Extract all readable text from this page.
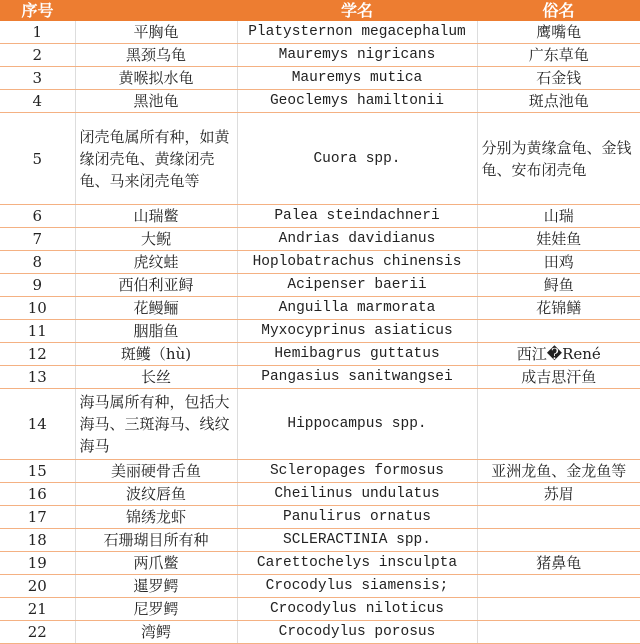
序号		学名	俗名
1	平胸龟	Platysternon megacephalum	鹰嘴龟
2	黑颈乌龟	Mauremys nigricans	广东草龟
3	黄喉拟水龟	Mauremys mutica	石金钱
4	黑池龟	Geoclemys hamiltonii	斑点池龟
5	闭壳龟属所有种，如黄缘闭壳龟、黄缘闭壳龟、马来闭壳龟等	Cuora spp.	分别为黄缘盒龟、金钱龟、安布闭壳龟
6	山瑞鳖	Palea steindachneri	山瑞
7	大鲵	Andrias davidianus	娃娃鱼
8	虎纹蛙	Hoplobatrachus chinensis	田鸡
9	西伯利亚鲟	Acipenser baerii	鲟鱼
10	花鳗鲡	Anguilla marmorata	花锦鳝
11	胭脂鱼	Myxocyprinus asiaticus	
12	斑鳠（hù)	Hemibagrus guttatus	西江�René
13	长丝	Pangasius sanitwangsei	成吉思汗鱼
14	海马属所有种，包括大海马、三斑海马、线纹海马	Hippocampus spp.	
15	美丽硬骨舌鱼	Scleropages formosus	亚洲龙鱼、金龙鱼等
16	波纹唇鱼	Cheilinus undulatus	苏眉
17	锦绣龙虾	Panulirus ornatus	
18	石珊瑚目所有种	SCLERACTINIA spp.	
19	两爪鳖	Carettochelys insculpta	猪鼻龟
20	暹罗鳄	Crocodylus siamensis;	
21	尼罗鳄	Crocodylus niloticus	
22	湾鳄	Crocodylus porosus	
